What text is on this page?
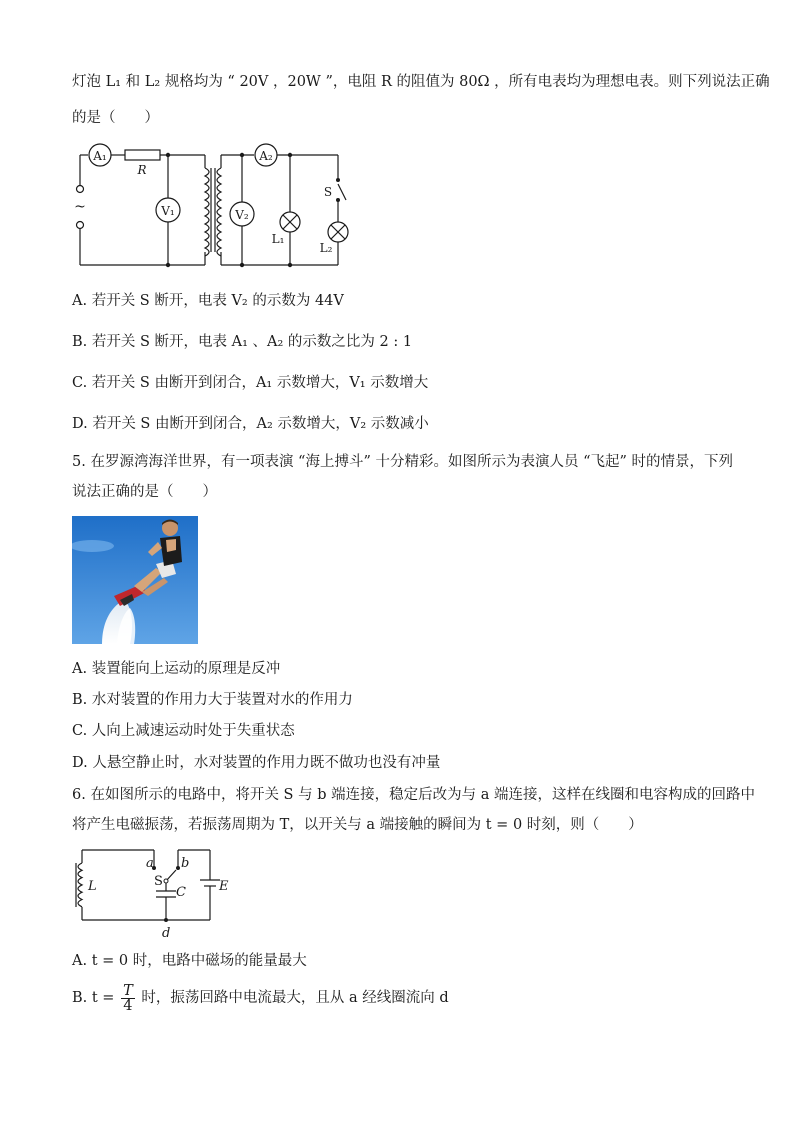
灯泡 L₁ 和 L₂ 规格均为 “ 20V ，20W ”，电阻 R 的阻值为 80Ω ，所有电表均为理想电表。则下列说法正确
的是（　　）
A₁
R
V₁	V₂
A₂
S
L₁
L₂
~
A. 若开关 S 断开，电表 V₂ 的示数为 44V
B. 若开关 S 断开，电表 A₁ 、A₂ 的示数之比为 2 : 1
C. 若开关 S 由断开到闭合，A₁ 示数增大，V₁ 示数增大
D. 若开关 S 由断开到闭合，A₂ 示数增大，V₂ 示数减小
5. 在罗源湾海洋世界，有一项表演 “海上搏斗” 十分精彩。如图所示为表演人员 “飞起” 时的情景，下列
说法正确的是（　　）
A. 装置能向上运动的原理是反冲
B. 水对装置的作用力大于装置对水的作用力
C. 人向上减速运动时处于失重状态
D. 人悬空静止时，水对装置的作用力既不做功也没有冲量
6. 在如图所示的电路中，将开关 S 与 b 端连接，稳定后改为与 a 端连接，这样在线圈和电容构成的回路中
将产生电磁振荡，若振荡周期为 T，以开关与 a 端接触的瞬间为 t = 0 时刻，则（　　）
a b
S
C
L	E
d
A. t = 0 时，电路中磁场的能量最大
B. $t = \frac{T}{4}$ 时，振荡回路中电流最大，且从 a 经线圈流向 d
